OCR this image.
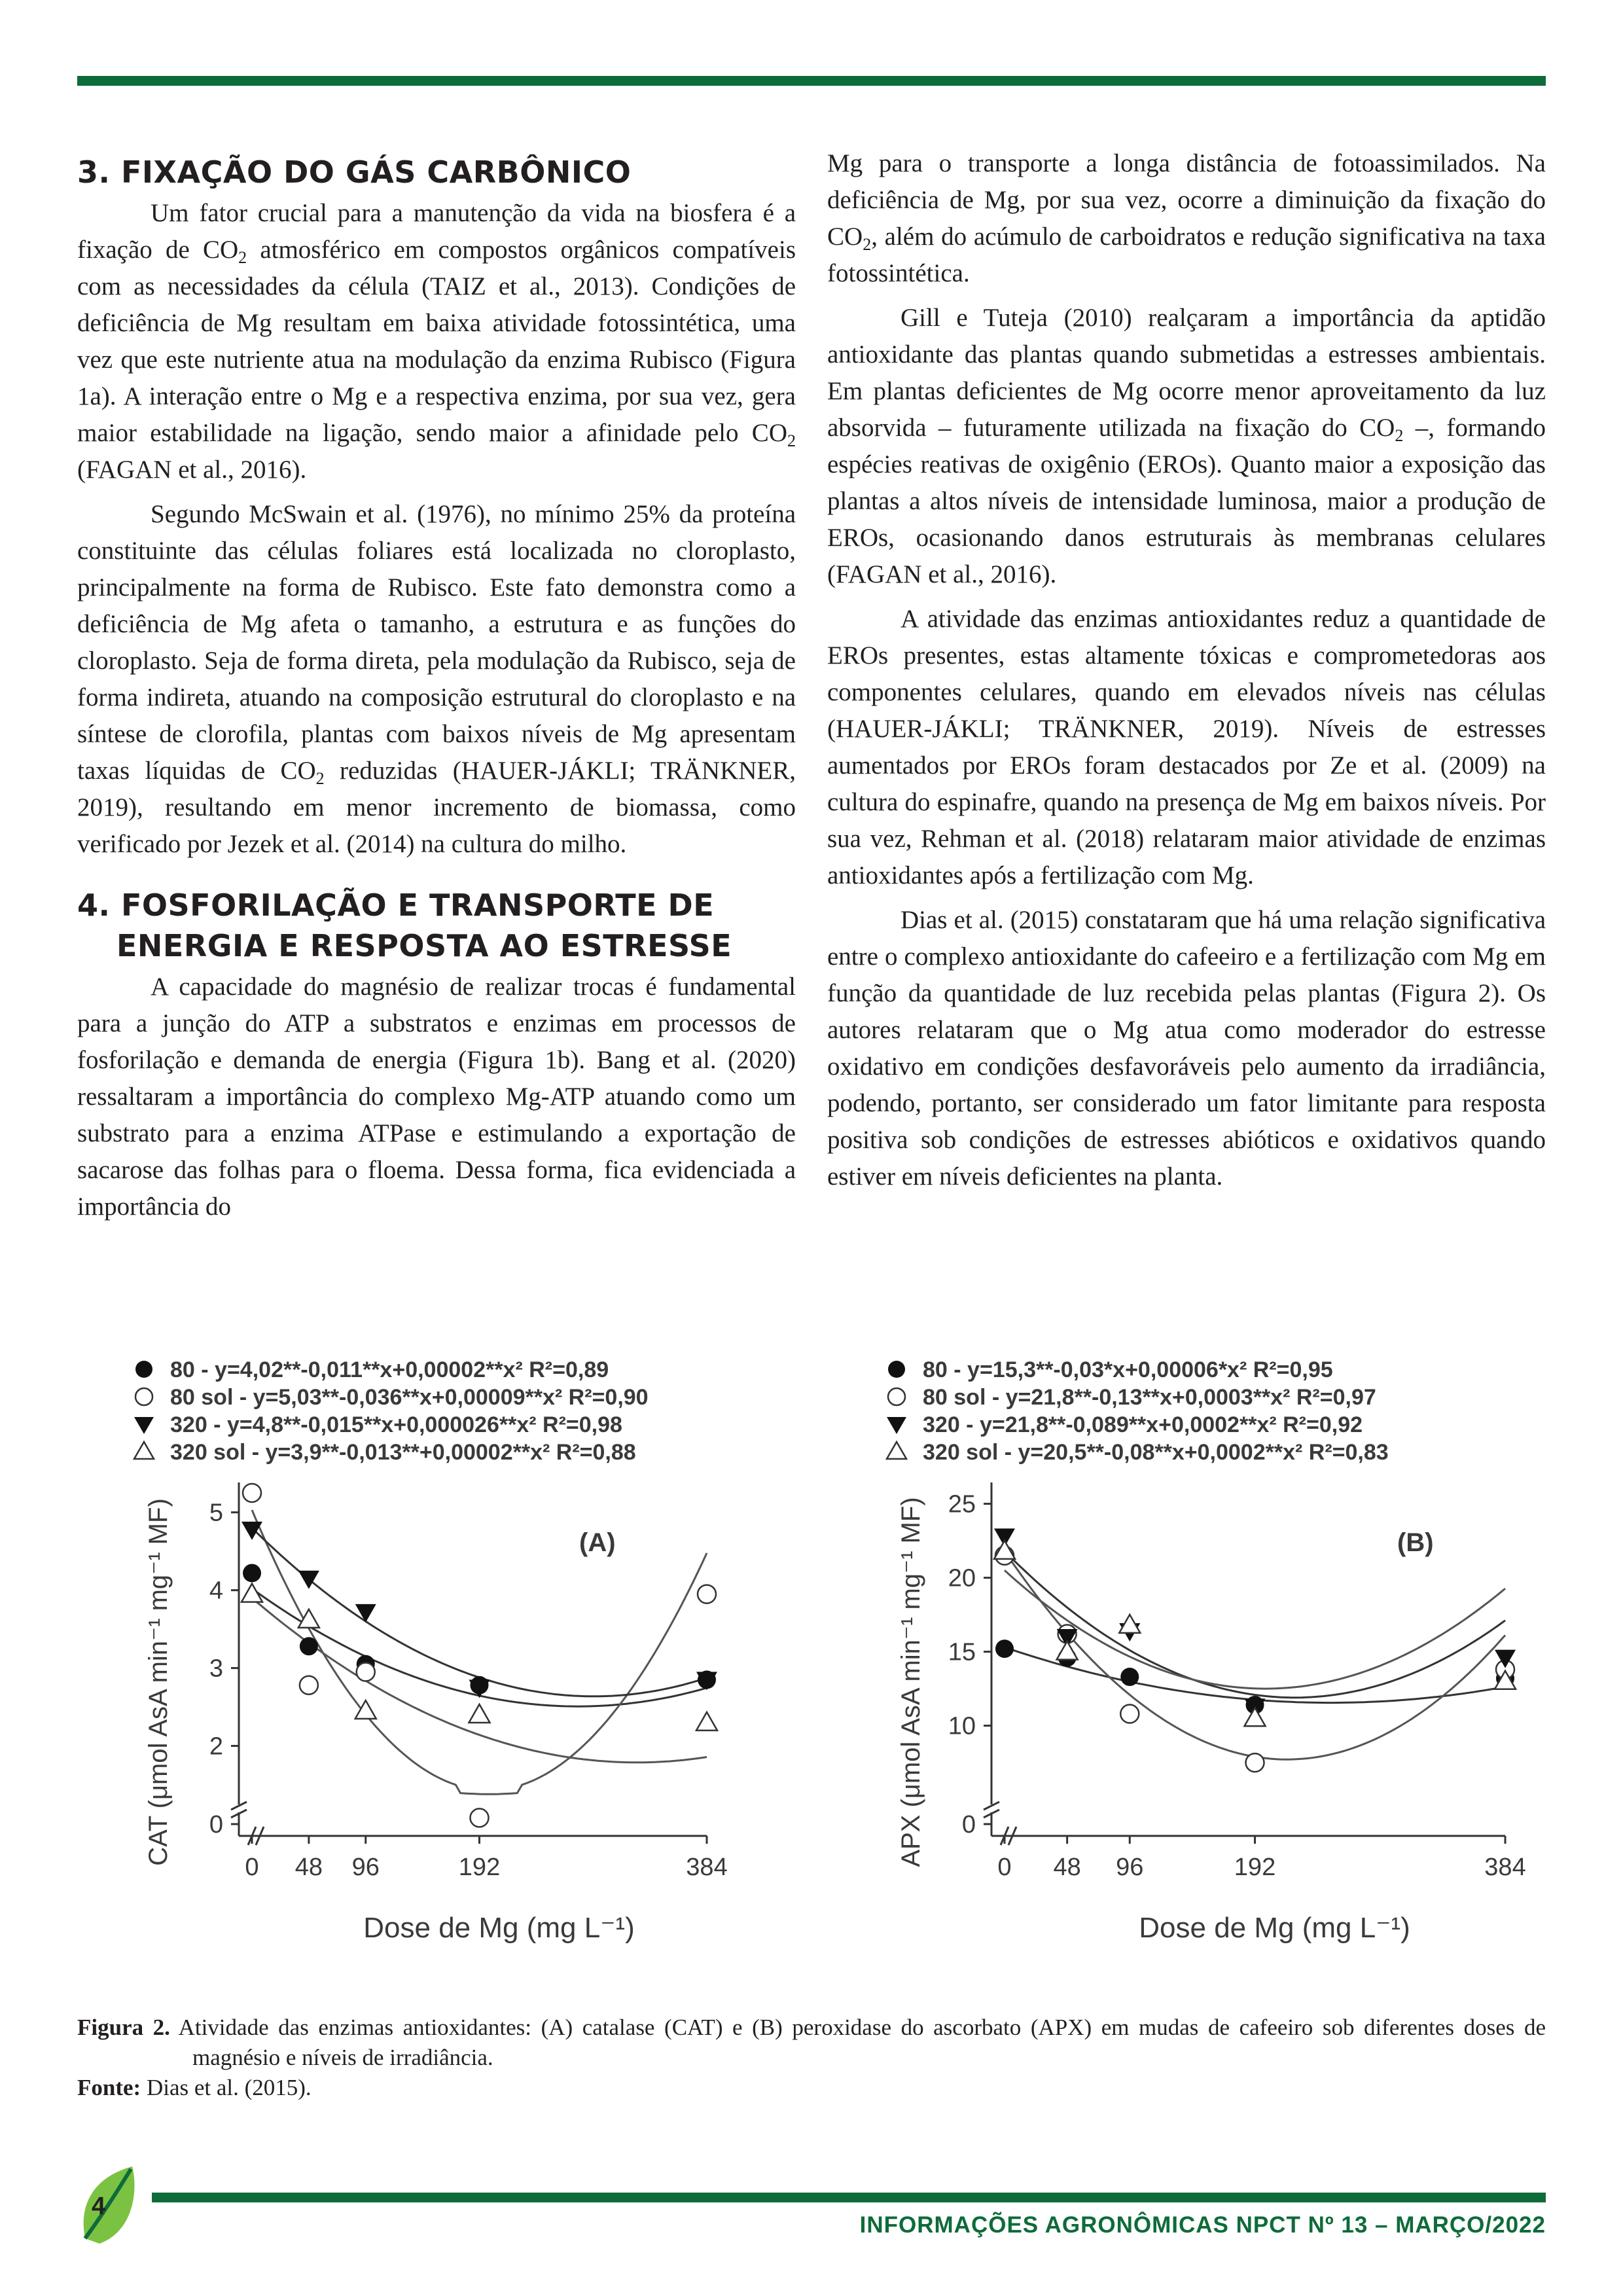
3. FIXAÇÃO DO GÁS CARBÔNICO

Um fator crucial para a manutenção da vida na biosfera é a fixação de $CO_2$ atmosférico em compostos orgânicos compatíveis com as necessidades da célula (TAIZ et al., 2013). Condições de deficiência de Mg resultam em baixa atividade fotossintética, uma vez que este nutriente atua na modulação da enzima Rubisco (Figura 1a). A interação entre o Mg e a respectiva enzima, por sua vez, gera maior estabilidade na ligação, sendo maior a afinidade pelo $CO_2$ (FAGAN et al., 2016).

Segundo McSwain et al. (1976), no mínimo 25% da proteína constituinte das células foliares está localizada no cloroplasto, principalmente na forma de Rubisco. Este fato demonstra como a deficiência de Mg afeta o tamanho, a estrutura e as funções do cloroplasto. Seja de forma direta, pela modulação da Rubisco, seja de forma indireta, atuando na composição estrutural do cloroplasto e na síntese de clorofila, plantas com baixos níveis de Mg apresentam taxas líquidas de $CO_2$ reduzidas (HAUER-JÁKLI; TRÄNKNER, 2019), resultando em menor incremento de biomassa, como verificado por Jezek et al. (2014) na cultura do milho.

4. FOSFORILAÇÃO E TRANSPORTE DE
ENERGIA E RESPOSTA AO ESTRESSE

A capacidade do magnésio de realizar trocas é fundamental para a junção do ATP a substratos e enzimas em processos de fosforilação e demanda de energia (Figura 1b). Bang et al. (2020) ressaltaram a importância do complexo Mg-ATP atuando como um substrato para a enzima ATPase e estimulando a exportação de sacarose das folhas para o floema. Dessa forma, fica evidenciada a importância do

Mg para o transporte a longa distância de fotoassimilados. Na deficiência de Mg, por sua vez, ocorre a diminuição da fixação do $CO_2$, além do acúmulo de carboidratos e redução significativa na taxa fotossintética.

Gill e Tuteja (2010) realçaram a importância da aptidão antioxidante das plantas quando submetidas a estresses ambientais. Em plantas deficientes de Mg ocorre menor aproveitamento da luz absorvida – futuramente utilizada na fixação do $CO_2$ –, formando espécies reativas de oxigênio (EROs). Quanto maior a exposição das plantas a altos níveis de intensidade luminosa, maior a produção de EROs, ocasionando danos estruturais às membranas celulares (FAGAN et al., 2016).

A atividade das enzimas antioxidantes reduz a quantidade de EROs presentes, estas altamente tóxicas e comprometedoras aos componentes celulares, quando em elevados níveis nas células (HAUER-JÁKLI; TRÄNKNER, 2019). Níveis de estresses aumentados por EROs foram destacados por Ze et al. (2009) na cultura do espinafre, quando na presença de Mg em baixos níveis. Por sua vez, Rehman et al. (2018) relataram maior atividade de enzimas antioxidantes após a fertilização com Mg.

Dias et al. (2015) constataram que há uma relação significativa entre o complexo antioxidante do cafeeiro e a fertilização com Mg em função da quantidade de luz recebida pelas plantas (Figura 2). Os autores relataram que o Mg atua como moderador do estresse oxidativo em condições desfavoráveis pelo aumento da irradiância, podendo, portanto, ser considerado um fator limitante para resposta positiva sob condições de estresses abióticos e oxidativos quando estiver em níveis deficientes na planta.

80 - y=4,02**-0,011**x+0,00002**x² R²=0,89
80 sol - y=5,03**-0,036**x+0,00009**x² R²=0,90
320 - y=4,8**-0,015**x+0,000026**x² R²=0,98
320 sol - y=3,9**-0,013**+0,00002**x² R²=0,88
(A)
0
2
3
4
5
0 48 96	192	384
Dose de Mg (mg L⁻¹)
CAT (μmol AsA min⁻¹ mg⁻¹ MF)
80 - y=15,3**-0,03*x+0,00006*x² R²=0,95
80 sol - y=21,8**-0,13**x+0,0003**x² R²=0,97
320 - y=21,8**-0,089**x+0,0002**x² R²=0,92
320 sol - y=20,5**-0,08**x+0,0002**x² R²=0,83
(B)
0
10
15
20
25
0 48 96	192	384
Dose de Mg (mg L⁻¹)
APX (μmol AsA min⁻¹ mg⁻¹ MF)
Figura 2. Atividade das enzimas antioxidantes: (A) catalase (CAT) e (B) peroxidase do ascorbato (APX) em mudas de cafeeiro sob diferentes doses de magnésio e níveis de irradiância.
Fonte: Dias et al. (2015).
4
INFORMAÇÕES AGRONÔMICAS NPCT Nº 13 – MARÇO/2022
